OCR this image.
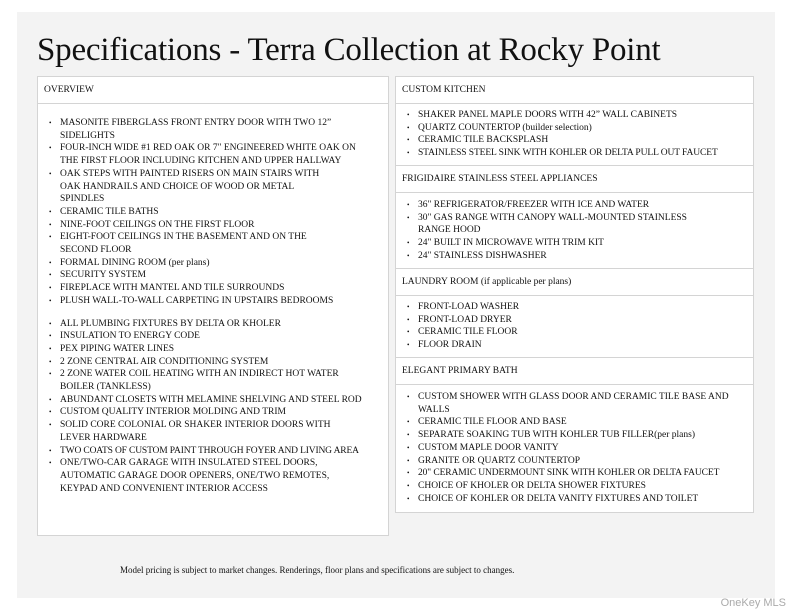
Specifications - Terra Collection at Rocky Point
OVERVIEW
• MASONITE FIBERGLASS FRONT ENTRY DOOR WITH TWO 12” SIDELIGHTS
• FOUR-INCH WIDE #1 RED OAK OR 7" ENGINEERED WHITE OAK ON THE FIRST FLOOR INCLUDING KITCHEN AND UPPER HALLWAY
• OAK STEPS WITH PAINTED RISERS ON MAIN STAIRS WITH OAK HANDRAILS AND CHOICE OF WOOD OR METAL SPINDLES
• CERAMIC TILE BATHS
• NINE-FOOT CEILINGS ON THE FIRST FLOOR
• EIGHT-FOOT CEILINGS IN THE BASEMENT AND ON THE SECOND FLOOR
• FORMAL DINING ROOM (per plans)
• SECURITY SYSTEM
• FIREPLACE WITH MANTEL AND TILE SURROUNDS
• PLUSH WALL-TO-WALL CARPETING IN UPSTAIRS BEDROOMS
• ALL PLUMBING FIXTURES BY DELTA OR KHOLER
• INSULATION TO ENERGY CODE
• PEX PIPING WATER LINES
• 2 ZONE CENTRAL AIR CONDITIONING SYSTEM
• 2 ZONE WATER COIL HEATING WITH AN INDIRECT HOT WATER BOILER (TANKLESS)
• ABUNDANT CLOSETS WITH MELAMINE SHELVING AND STEEL ROD
• CUSTOM QUALITY INTERIOR MOLDING AND TRIM
• SOLID CORE COLONIAL OR SHAKER INTERIOR DOORS WITH LEVER HARDWARE
• TWO COATS OF CUSTOM PAINT THROUGH FOYER AND LIVING AREA
• ONE/TWO-CAR GARAGE WITH INSULATED STEEL DOORS, AUTOMATIC GARAGE DOOR OPENERS, ONE/TWO REMOTES, KEYPAD AND CONVENIENT INTERIOR ACCESS
CUSTOM KITCHEN
• SHAKER PANEL MAPLE DOORS WITH 42” WALL CABINETS
• QUARTZ COUNTERTOP (builder selection)
• CERAMIC TILE BACKSPLASH
• STAINLESS STEEL SINK WITH KOHLER OR DELTA PULL OUT FAUCET
FRIGIDAIRE STAINLESS STEEL APPLIANCES
• 36" REFRIGERATOR/FREEZER WITH ICE AND WATER
• 30" GAS RANGE WITH CANOPY WALL-MOUNTED STAINLESS RANGE HOOD
• 24" BUILT IN MICROWAVE WITH TRIM KIT
• 24" STAINLESS DISHWASHER
LAUNDRY ROOM (if applicable per plans)
• FRONT-LOAD WASHER
• FRONT-LOAD DRYER
• CERAMIC TILE FLOOR
• FLOOR DRAIN
ELEGANT PRIMARY BATH
• CUSTOM SHOWER WITH GLASS DOOR AND CERAMIC TILE BASE AND WALLS
• CERAMIC TILE FLOOR AND BASE
• SEPARATE SOAKING TUB WITH KOHLER TUB FILLER(per plans)
• CUSTOM MAPLE DOOR VANITY
• GRANITE OR QUARTZ COUNTERTOP
• 20" CERAMIC UNDERMOUNT SINK WITH KOHLER OR DELTA FAUCET
• CHOICE OF KHOLER OR DELTA SHOWER FIXTURES
• CHOICE OF KOHLER OR DELTA VANITY FIXTURES AND TOILET
Model pricing is subject to market changes. Renderings, floor plans and specifications are subject to changes.
OneKey MLS
